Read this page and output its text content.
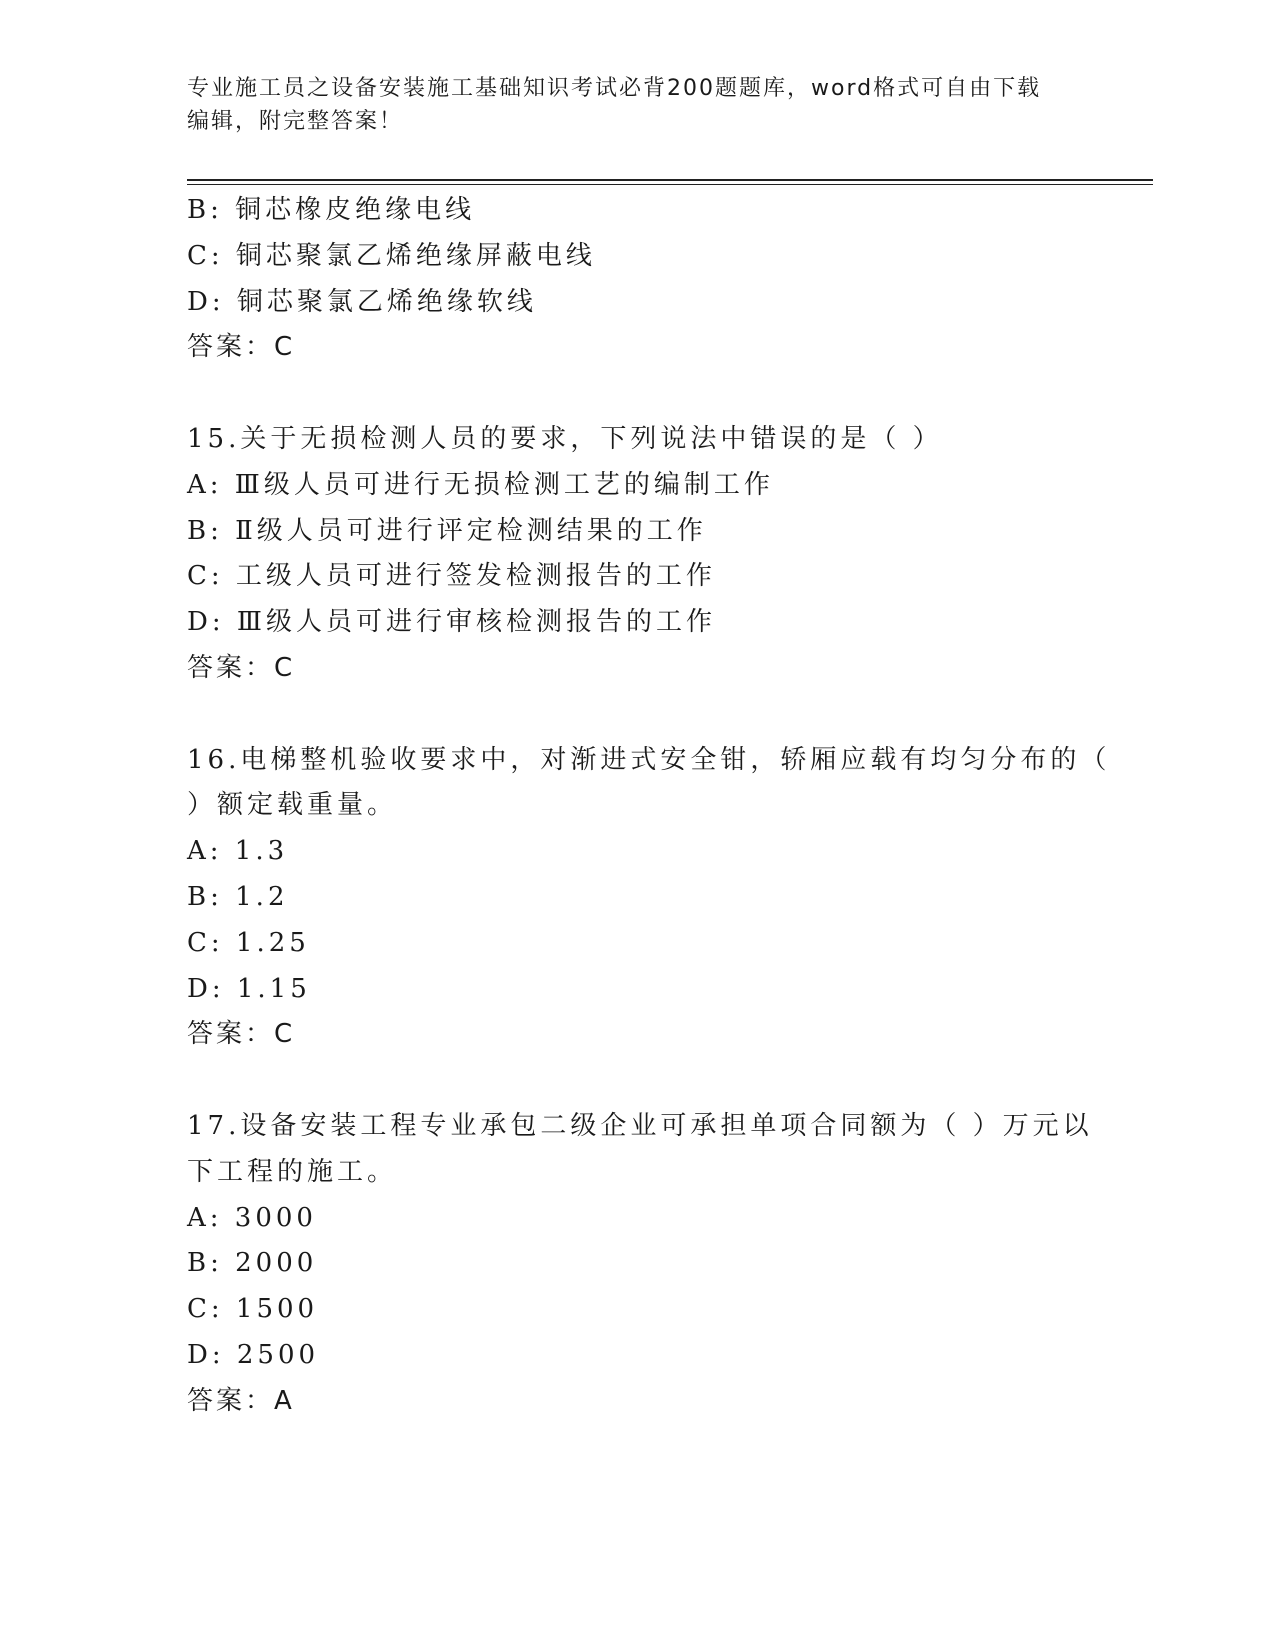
专业施工员之设备安装施工基础知识考试必背200题题库，word格式可自由下载
编辑，附完整答案！
B: 铜芯橡皮绝缘电线
C: 铜芯聚氯乙烯绝缘屏蔽电线
D: 铜芯聚氯乙烯绝缘软线
答案：C
15.关于无损检测人员的要求，下列说法中错误的是（ ）
A: Ⅲ级人员可进行无损检测工艺的编制工作
B: Ⅱ级人员可进行评定检测结果的工作
C: 工级人员可进行签发检测报告的工作
D: Ⅲ级人员可进行审核检测报告的工作
答案：C
16.电梯整机验收要求中，对渐进式安全钳，轿厢应载有均匀分布的（
）额定载重量。
A: 1.3
B: 1.2
C: 1.25
D: 1.15
答案：C
17.设备安装工程专业承包二级企业可承担单项合同额为（ ）万元以
下工程的施工。
A: 3000
B: 2000
C: 1500
D: 2500
答案：A
